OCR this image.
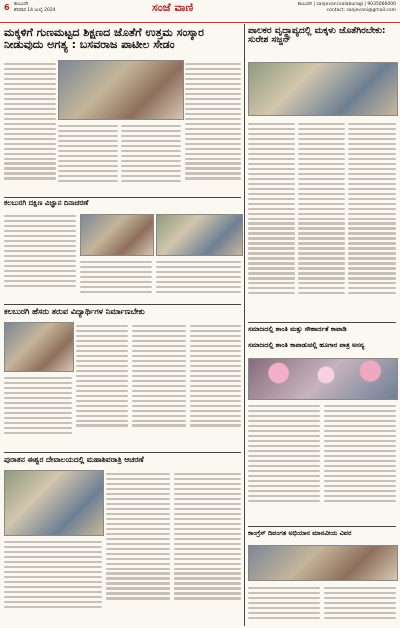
6 ಕಲಬುರಗಿ
ಶನಿವಾರ 14 ಜುಲೈ 2024	ಸಂಜೆ ವಾಣಿ	ಕಲಬುರಗಿ | sanjevani.kalaburagi | 9035066000
contact: sanjevani@gmail.com
ಮಕ್ಕಳಿಗೆ ಗುಣಮಟ್ಟದ ಶಿಕ್ಷಣದ ಜೊತೆಗೆ ಉತ್ತಮ ಸಂಸ್ಕಾರ ನೀಡುವುದು ಅಗತ್ಯ : ಬಸವರಾಜ ಪಾಟೀಲ ಸೇಡಂ
ಪಾಲಕರ ವೃದ್ಧಾಪ್ಯದಲ್ಲಿ ಮಕ್ಕಳು ಜೊತೆಗಿರಬೇಕು: ಸುರೇಶ ಸಜ್ಜನ್
ಕಲಬುರಗಿ ದಕ್ಷಿಣ ವಿಜ್ಞಾನ ದಿನಾಚರಣೆ
ಸಮಾಜದಲ್ಲಿ ಶಾಂತಿ ಮತ್ತು ಸೌಹಾರ್ದತೆ ಕಾಪಾಡಿ
ಕಲಬುರಗಿ ಹೆಸರು ತರುವ ವಿದ್ಯಾರ್ಥಿಗಳ ನಿರ್ಮಾಣಬೇಕು
ಸಮಾಜದಲ್ಲಿ ಶಾಂತಿ ಕಾಪಾಡುವಲ್ಲಿ ಹೂಗಾರ ಪಾತ್ರ ಅನನ್ಯ
ಪುರಾತನ ಈಶ್ವರ ದೇವಾಲಯದಲ್ಲಿ ಮಹಾಶಿವರಾತ್ರಿ ಆಚರಣೆ
ಕಾಂಗ್ರೆಸ್ ದಿವಂಗತ ಅಭಿಯಾನ ಮಾನವೀಯ ವಿವರ
